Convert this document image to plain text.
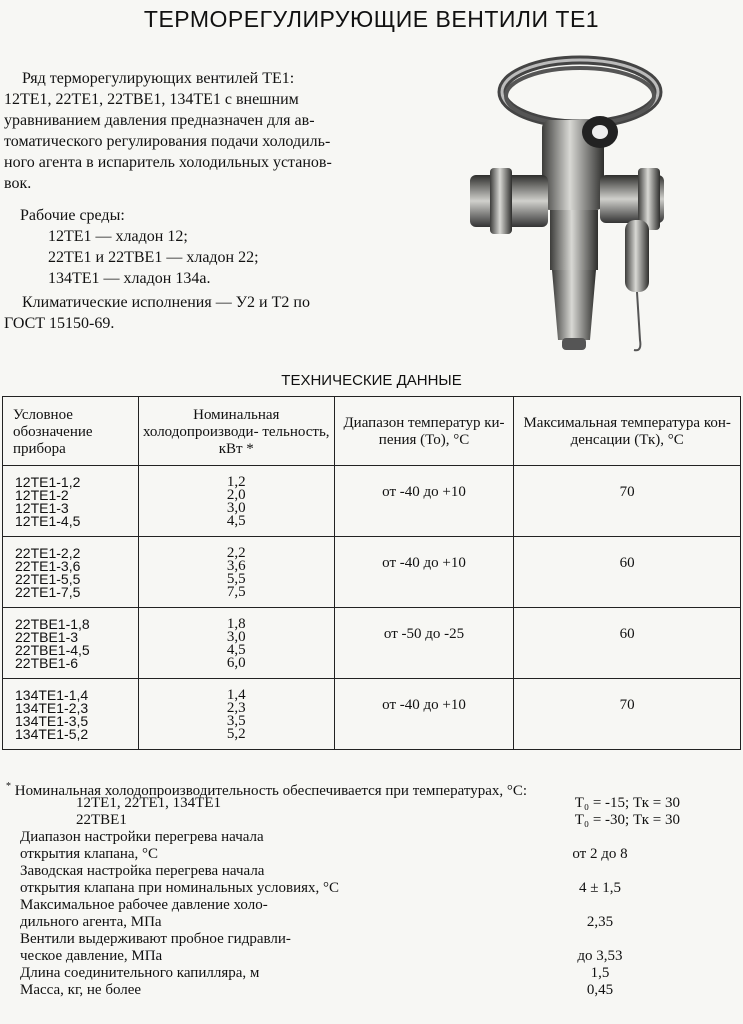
ТЕРМОРЕГУЛИРУЮЩИЕ ВЕНТИЛИ ТЕ1

Ряд терморегулирующих вентилей ТЕ1:

12ТЕ1, 22ТЕ1, 22ТВЕ1, 134ТЕ1 с внешним

уравниванием давления предназначен для ав-

томатического регулирования подачи холодиль-

ного агента в испаритель холодильных установ-

вок.

Рабочие среды:
12ТЕ1 — хладон 12;
22ТЕ1 и 22ТВЕ1 — хладон 22;
134ТЕ1 — хладон 134а.
Климатические исполнения — У2 и Т2 по
ГОСТ 15150-69.
ТЕХНИЧЕСКИЕ ДАННЫЕ
Условное обозначение прибора	Номинальная холодопроизводи- тельность, кВт *	Диапазон температур ки- пения (То), °С	Максимальная температура кон- денсации (Тк), °С

12ТЕ1-1,2
12ТЕ1-2
12ТЕ1-3
12ТЕ1-4,5	1,2
2,0
3,0
4,5	от -40 до +10	70

22ТЕ1-2,2
22ТЕ1-3,6
22ТЕ1-5,5
22ТЕ1-7,5	2,2
3,6
5,5
7,5	от -40 до +10	60

22ТВЕ1-1,8
22ТВЕ1-3
22ТВЕ1-4,5
22ТВЕ1-6	1,8
3,0
4,5
6,0	от -50 до -25	60

134ТЕ1-1,4
134ТЕ1-2,3
134ТЕ1-3,5
134ТЕ1-5,2	1,4
2,3
3,5
5,2	от -40 до +10	70
* Номинальная холодопроизводительность обеспечивается при температурах, °С:
12ТЕ1, 22ТЕ1, 134ТЕ1	Т₀ = -15; Тк = 30
22ТВЕ1	Т₀ = -30; Тк = 30
Диапазон настройки перегрева начала
открытия клапана, °С	от 2 до 8
Заводская настройка перегрева начала
открытия клапана при номинальных условиях, °С	4 ± 1,5
Максимальное рабочее давление холо-
дильного агента, МПа	2,35
Вентили выдерживают пробное гидравли-
ческое давление, МПа	до 3,53
Длина соединительного капилляра, м	1,5
Масса, кг, не более	0,45
